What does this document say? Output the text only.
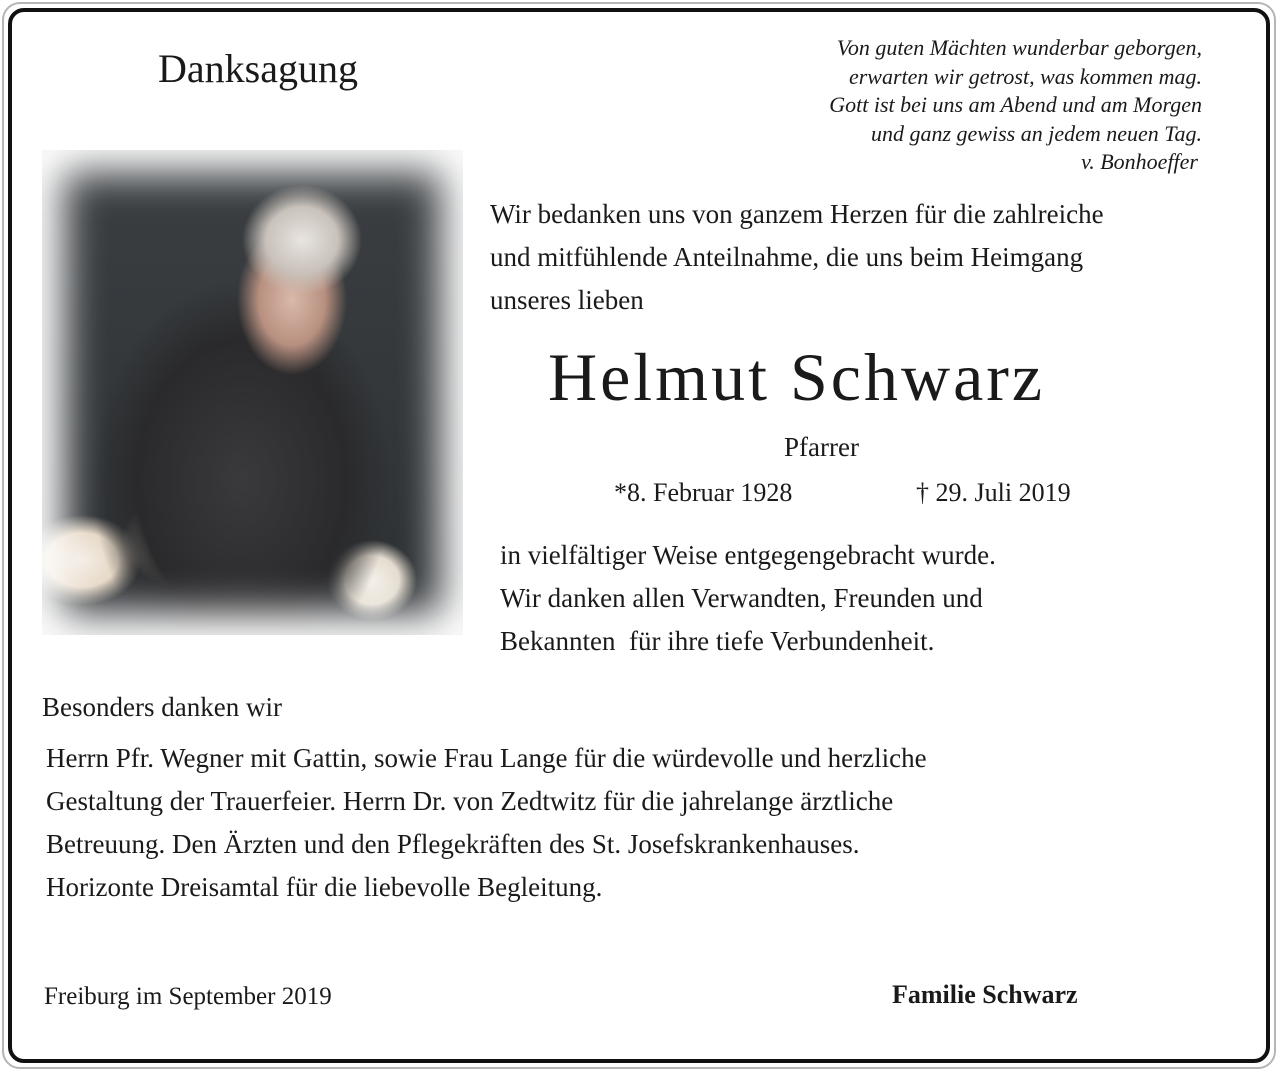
Danksagung	Von guten Mächten wunderbar geborgen,
erwarten wir getrost, was kommen mag.
Gott ist bei uns am Abend und am Morgen
und ganz gewiss an jedem neuen Tag.
v. Bonhoeffer
Wir bedanken uns von ganzem Herzen für die zahlreiche
und mitfühlende Anteilnahme, die uns beim Heimgang
unseres lieben
Helmut Schwarz
Pfarrer
*8. Februar 1928	† 29. Juli 2019
in vielfältiger Weise entgegengebracht wurde.
Wir danken allen Verwandten, Freunden und
Bekannten  für ihre tiefe Verbundenheit.
Besonders danken wir
Herrn Pfr. Wegner mit Gattin, sowie Frau Lange für die würdevolle und herzliche
Gestaltung der Trauerfeier. Herrn Dr. von Zedtwitz für die jahrelange ärztliche
Betreuung. Den Ärzten und den Pflegekräften des St. Josefskrankenhauses.
Horizonte Dreisamtal für die liebevolle Begleitung.
Freiburg im September 2019	Familie Schwarz
